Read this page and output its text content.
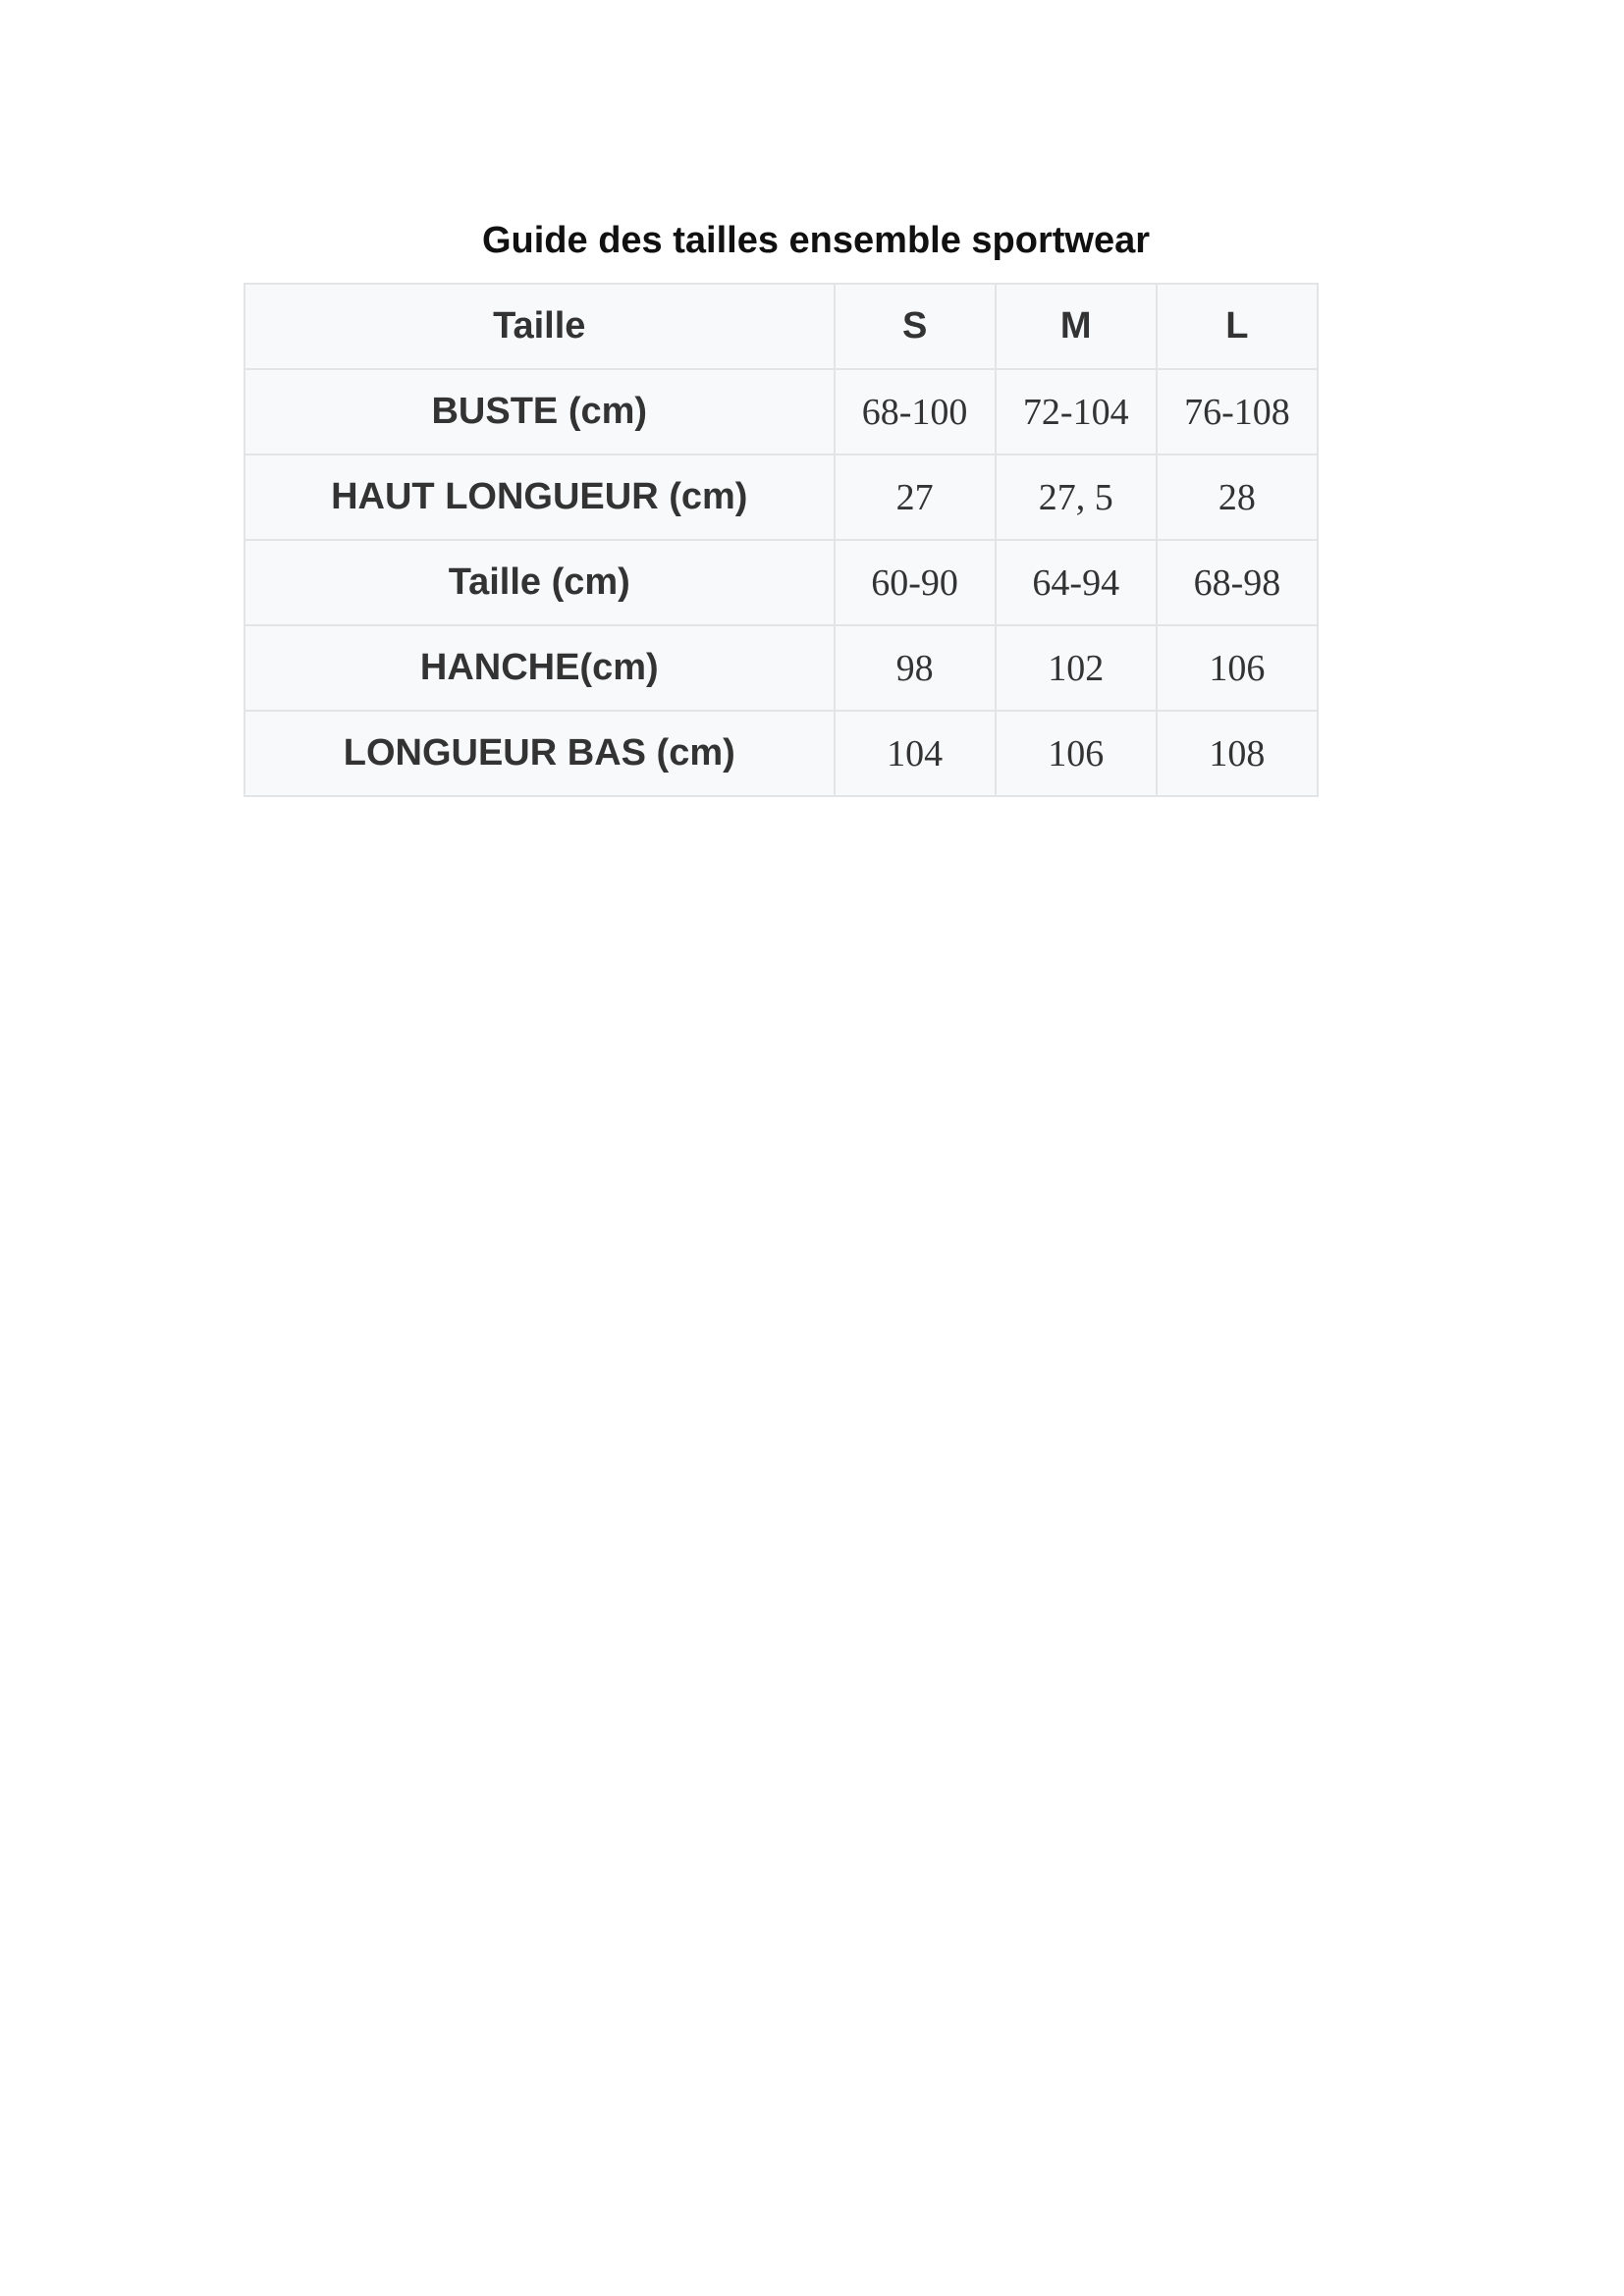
Guide des tailles ensemble sportwear
Taille	S	M	L
BUSTE (cm)	68-100	72-104	76-108
HAUT LONGUEUR (cm)	27	27, 5	28
Taille (cm)	60-90	64-94	68-98
HANCHE(cm)	98	102	106
LONGUEUR BAS (cm)	104	106	108
